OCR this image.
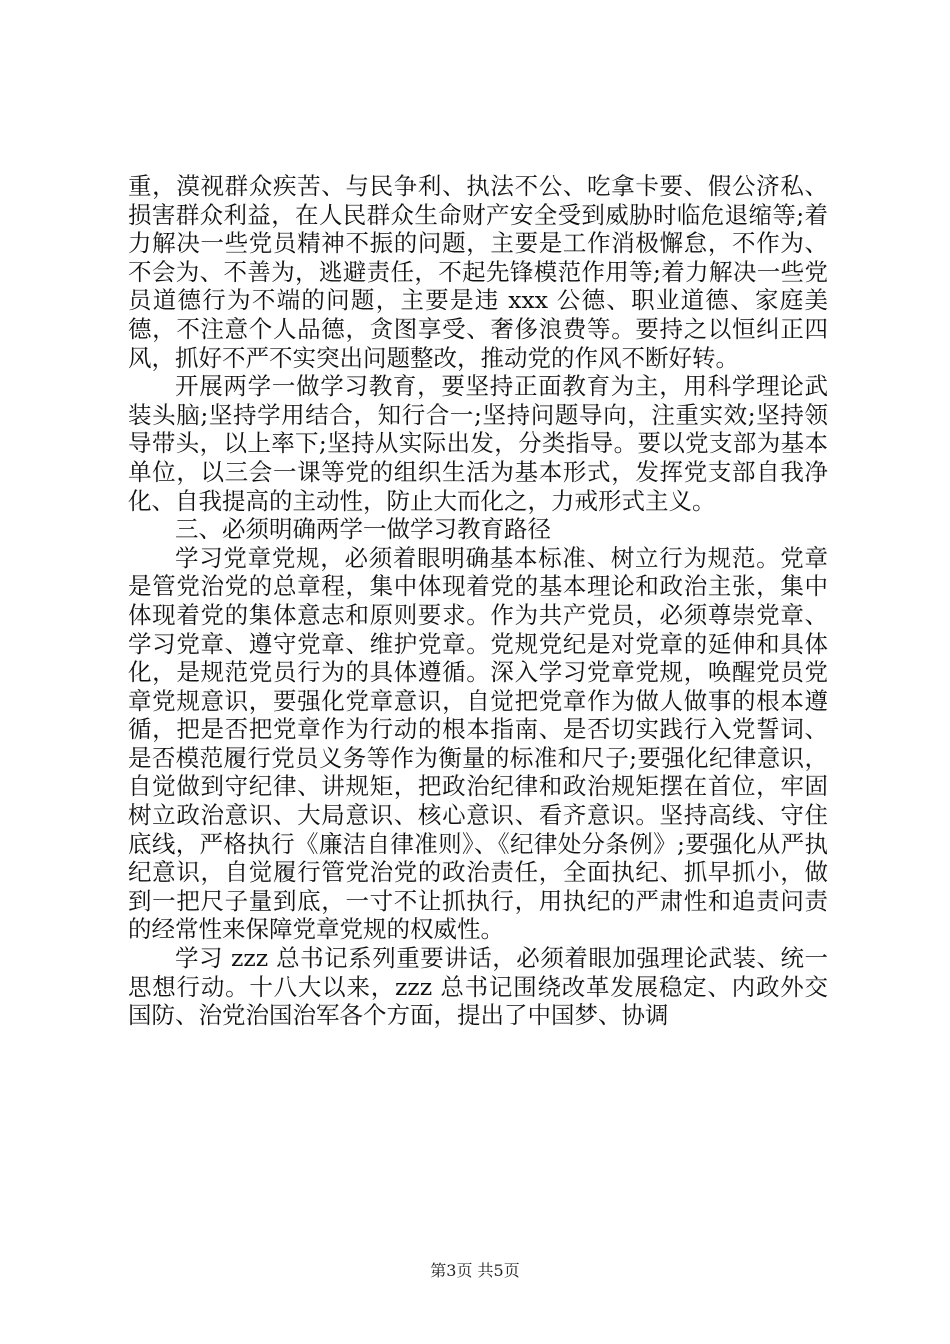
重，漠视群众疾苦、与民争利、执法不公、吃拿卡要、假公济私、损害群众利益，在人民群众生命财产安全受到威胁时临危退缩等;着力解决一些党员精神不振的问题，主要是工作消极懈怠，不作为、不会为、不善为，逃避责任，不起先锋模范作用等;着力解决一些党员道德行为不端的问题，主要是违 xxx 公德、职业道德、家庭美德，不注意个人品德，贪图享受、奢侈浪费等。要持之以恒纠正四风，抓好不严不实突出问题整改，推动党的作风不断好转。

开展两学一做学习教育，要坚持正面教育为主，用科学理论武装头脑;坚持学用结合，知行合一;坚持问题导向，注重实效;坚持领导带头，以上率下;坚持从实际出发，分类指导。要以党支部为基本单位，以三会一课等党的组织生活为基本形式，发挥党支部自我净化、自我提高的主动性，防止大而化之，力戒形式主义。

三、必须明确两学一做学习教育路径

学习党章党规，必须着眼明确基本标准、树立行为规范。党章是管党治党的总章程，集中体现着党的基本理论和政治主张，集中体现着党的集体意志和原则要求。作为共产党员，必须尊崇党章、学习党章、遵守党章、维护党章。党规党纪是对党章的延伸和具体化，是规范党员行为的具体遵循。深入学习党章党规，唤醒党员党章党规意识，要强化党章意识，自觉把党章作为做人做事的根本遵循，把是否把党章作为行动的根本指南、是否切实践行入党誓词、是否模范履行党员义务等作为衡量的标准和尺子;要强化纪律意识，自觉做到守纪律、讲规矩，把政治纪律和政治规矩摆在首位，牢固树立政治意识、大局意识、核心意识、看齐意识。坚持高线、守住底线，严格执行《廉洁自律准则》、《纪律处分条例》;要强化从严执纪意识，自觉履行管党治党的政治责任，全面执纪、抓早抓小，做到一把尺子量到底，一寸不让抓执行，用执纪的严肃性和追责问责的经常性来保障党章党规的权威性。

学习 zzz 总书记系列重要讲话，必须着眼加强理论武装、统一思想行动。十八大以来，zzz 总书记围绕改革发展稳定、内政外交国防、治党治国治军各个方面，提出了中国梦、协调

第3页 共5页
